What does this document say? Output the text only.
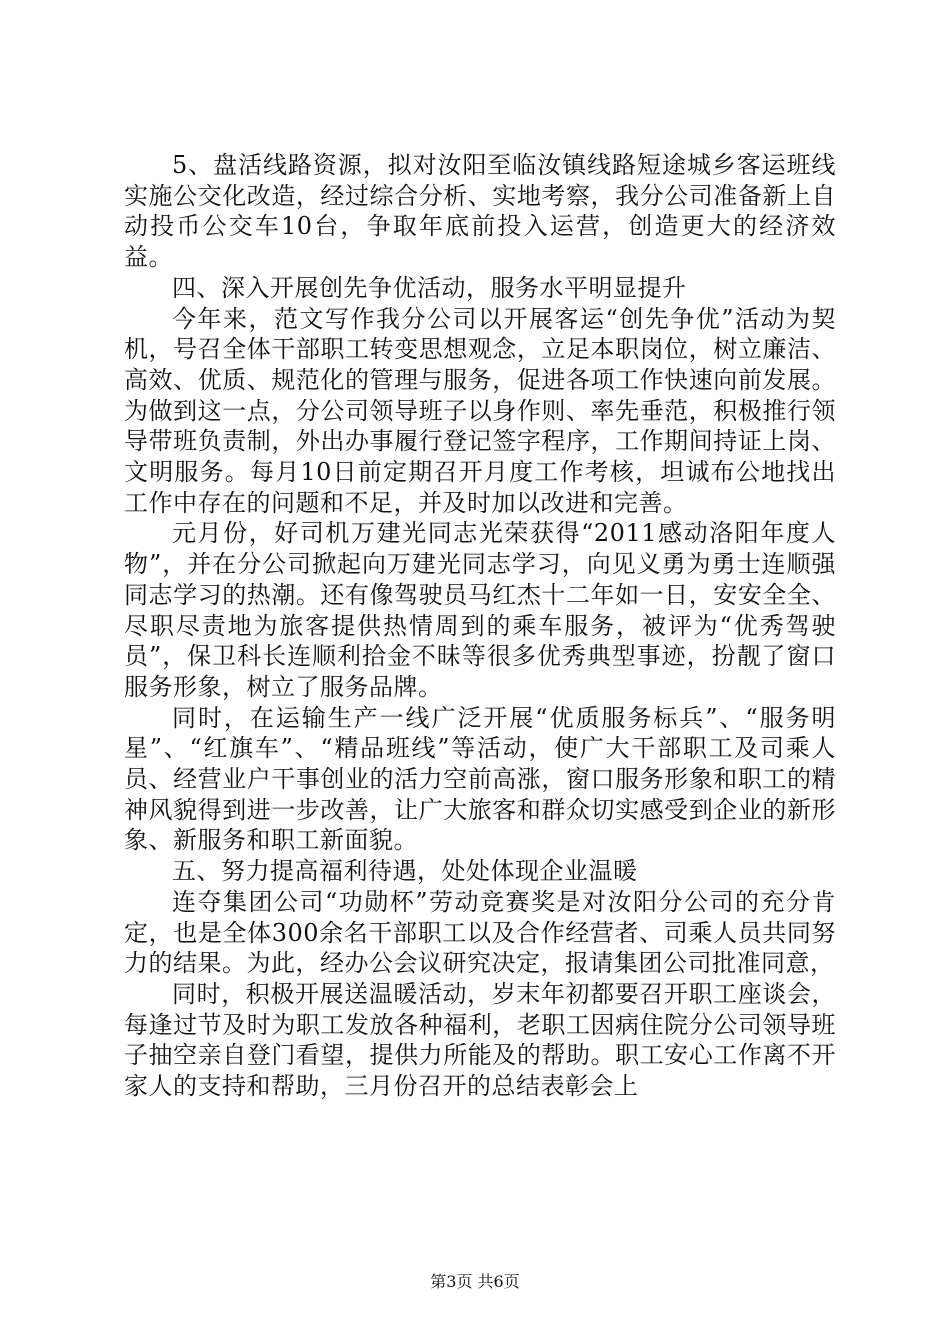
5、盘活线路资源，拟对汝阳至临汝镇线路短途城乡客运班线实施公交化改造，经过综合分析、实地考察，我分公司准备新上自动投币公交车10台，争取年底前投入运营，创造更大的经济效益。

四、深入开展创先争优活动，服务水平明显提升

今年来，范文写作我分公司以开展客运“创先争优”活动为契机，号召全体干部职工转变思想观念，立足本职岗位，树立廉洁、高效、优质、规范化的管理与服务，促进各项工作快速向前发展。为做到这一点，分公司领导班子以身作则、率先垂范，积极推行领导带班负责制，外出办事履行登记签字程序，工作期间持证上岗、文明服务。每月10日前定期召开月度工作考核，坦诚布公地找出工作中存在的问题和不足，并及时加以改进和完善。

元月份，好司机万建光同志光荣获得“2011感动洛阳年度人物”，并在分公司掀起向万建光同志学习，向见义勇为勇士连顺强同志学习的热潮。还有像驾驶员马红杰十二年如一日，安安全全、尽职尽责地为旅客提供热情周到的乘车服务，被评为“优秀驾驶员”，保卫科长连顺利拾金不昧等很多优秀典型事迹，扮靓了窗口服务形象，树立了服务品牌。

同时，在运输生产一线广泛开展“优质服务标兵”、“服务明星”、“红旗车”、“精品班线”等活动，使广大干部职工及司乘人员、经营业户干事创业的活力空前高涨，窗口服务形象和职工的精神风貌得到进一步改善，让广大旅客和群众切实感受到企业的新形象、新服务和职工新面貌。

五、努力提高福利待遇，处处体现企业温暖

连夺集团公司“功勋杯”劳动竞赛奖是对汝阳分公司的充分肯定，也是全体300余名干部职工以及合作经营者、司乘人员共同努力的结果。为此，经办公会议研究决定，报请集团公司批准同意，

同时，积极开展送温暖活动，岁末年初都要召开职工座谈会，每逢过节及时为职工发放各种福利，老职工因病住院分公司领导班子抽空亲自登门看望，提供力所能及的帮助。职工安心工作离不开家人的支持和帮助，三月份召开的总结表彰会上

第3页 共6页
